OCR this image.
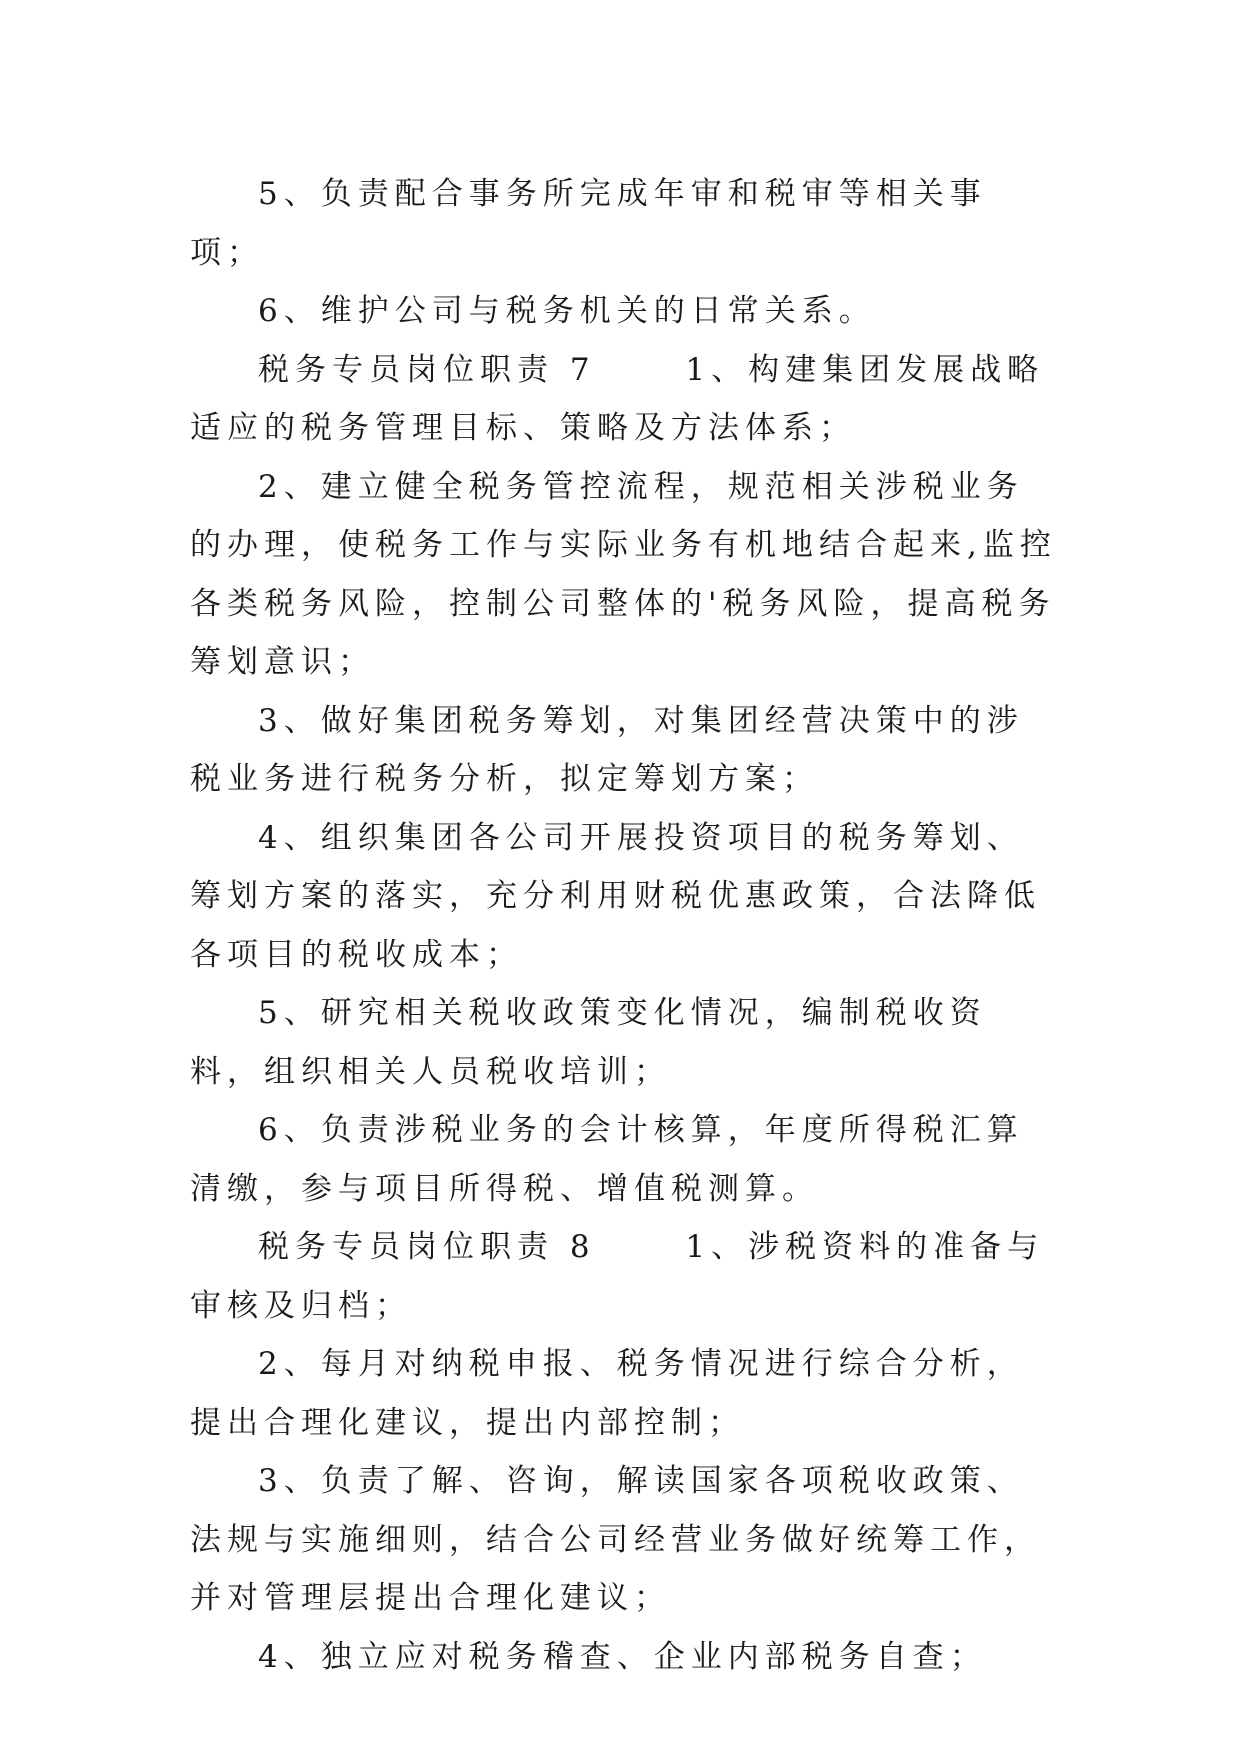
5、负责配合事务所完成年审和税审等相关事项；

6、维护公司与税务机关的日常关系。

税务专员岗位职责 7　　 1、构建集团发展战略适应的税务管理目标、策略及方法体系；

2、建立健全税务管控流程，规范相关涉税业务的办理，使税务工作与实际业务有机地结合起来,监控各类税务风险，控制公司整体的'税务风险，提高税务筹划意识；

3、做好集团税务筹划，对集团经营决策中的涉税业务进行税务分析，拟定筹划方案；

4、组织集团各公司开展投资项目的税务筹划、筹划方案的落实，充分利用财税优惠政策，合法降低各项目的税收成本；

5、研究相关税收政策变化情况，编制税收资料，组织相关人员税收培训；

6、负责涉税业务的会计核算，年度所得税汇算清缴，参与项目所得税、增值税测算。

税务专员岗位职责 8　　 1、涉税资料的准备与审核及归档；

2、每月对纳税申报、税务情况进行综合分析，提出合理化建议，提出内部控制；

3、负责了解、咨询，解读国家各项税收政策、法规与实施细则，结合公司经营业务做好统筹工作，并对管理层提出合理化建议；

4、独立应对税务稽查、企业内部税务自查；
